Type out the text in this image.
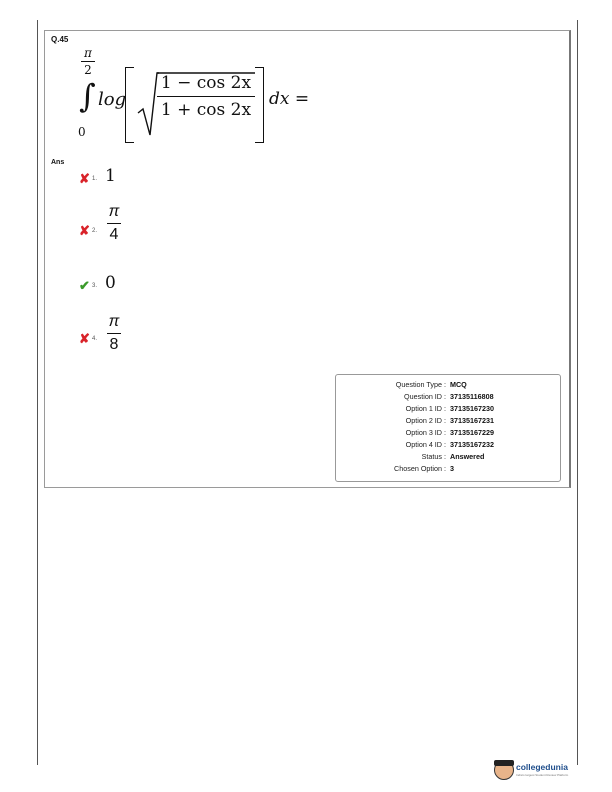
Q.45
π
2
∫
0
log
1 − cos 2x
1 + cos 2x
dx =
Ans
✘ 1. 1
✘ 2.
π
4
✔ 3. 0
✘ 4.
π
8
Question Type : MCQ
Question ID : 37135116808
Option 1 ID : 37135167230
Option 2 ID : 37135167231
Option 3 ID : 37135167229
Option 4 ID : 37135167232
Status : Answered
Chosen Option : 3
collegedunia
India's largest Student Review Platform
